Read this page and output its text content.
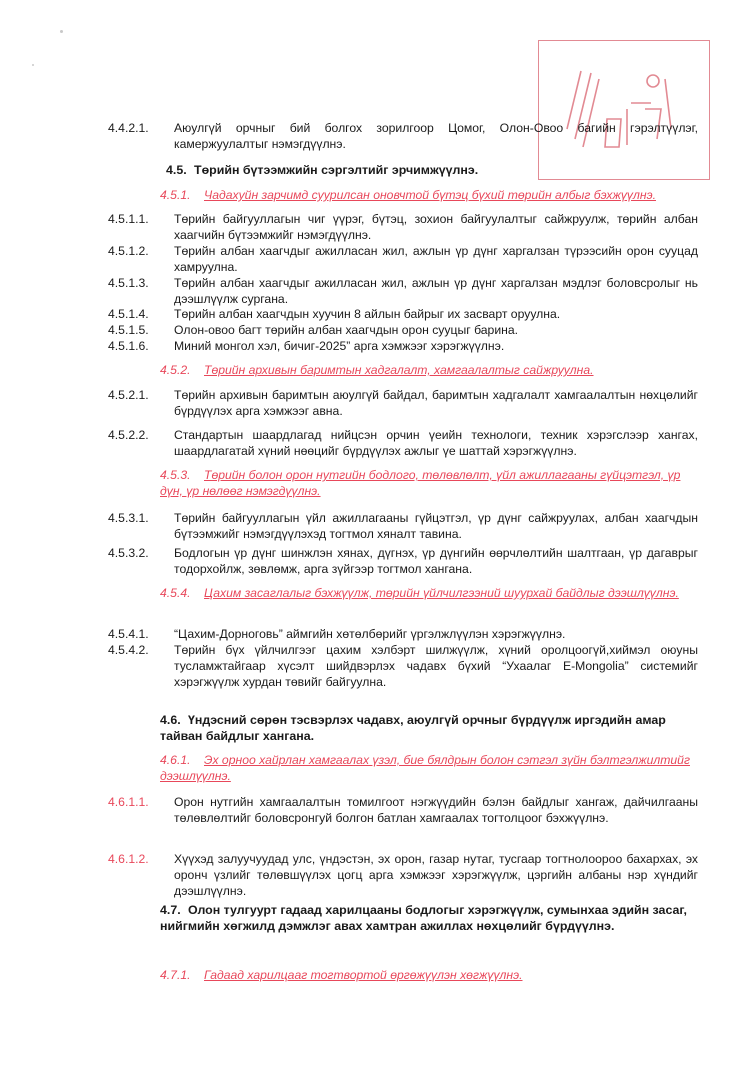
4.4.2.1.	Аюулгүй орчныг бий болгох зорилгоор Цомог, Олон-Овоо багийн гэрэлтүүлэг, камержуулалтыг нэмэгдүүлнэ.
4.5. Төрийн бүтээмжийн сэргэлтийг эрчимжүүлнэ.
4.5.1. Чадахуйн зарчимд суурилсан оновчтой бүтэц бүхий төрийн албыг бэхжүүлнэ.
4.5.1.1.	Төрийн байгууллагын чиг үүрэг, бүтэц, зохион байгуулалтыг сайжруулж, төрийн албан хаагчийн бүтээмжийг нэмэгдүүлнэ.
4.5.1.2.	Төрийн албан хаагчдыг ажилласан жил, ажлын үр дүнг харгалзан түрээсийн орон сууцад хамруулна.
4.5.1.3.	Төрийн албан хаагчдыг ажилласан жил, ажлын үр дүнг харгалзан мэдлэг боловсролыг нь дээшлүүлж сургана.
4.5.1.4.	Төрийн албан хаагчдын хуучин 8 айлын байрыг их засварт оруулна.
4.5.1.5.	Олон-овоо багт төрийн албан хаагчдын орон сууцыг барина.
4.5.1.6.	Миний монгол хэл, бичиг-2025” арга хэмжээг хэрэгжүүлнэ.
4.5.2. Төрийн архивын баримтын хадгалалт, хамгаалалтыг сайжруулна.
4.5.2.1.	Төрийн архивын баримтын аюулгүй байдал, баримтын хадгалалт хамгаалалтын нөхцөлийг бүрдүүлэх арга хэмжээг авна.
4.5.2.2.	Стандартын шаардлагад нийцсэн орчин үеийн технологи, техник хэрэгслээр хангах, шаардлагатай хүний нөөцийг бүрдүүлэх ажлыг үе шаттай хэрэгжүүлнэ.
4.5.3. Төрийн болон орон нутгийн бодлого, төлөвлөлт, үйл ажиллагааны гүйцэтгэл, үр дүн, үр нөлөөг нэмэгдүүлнэ.
4.5.3.1.	Төрийн байгууллагын үйл ажиллагааны гүйцэтгэл, үр дүнг сайжруулах, албан хаагчдын бүтээмжийг нэмэгдүүлэхэд тогтмол хяналт тавина.
4.5.3.2.	Бодлогын үр дүнг шинжлэн хянах, дүгнэх, үр дүнгийн өөрчлөлтийн шалтгаан, үр дагаврыг тодорхойлж, зөвлөмж, арга зүйгээр тогтмол хангана.
4.5.4. Цахим засаглалыг бэхжүүлж, төрийн үйлчилгээний шуурхай байдлыг дээшлүүлнэ.
4.5.4.1.	“Цахим-Дорноговь” аймгийн хөтөлбөрийг үргэлжлүүлэн хэрэгжүүлнэ.
4.5.4.2.	Төрийн бүх үйлчилгээг цахим хэлбэрт шилжүүлж, хүний оролцоогүй,хиймэл оюуны тусламжтайгаар хүсэлт шийдвэрлэх чадавх бүхий “Ухаалаг E-Mongolia” системийг хэрэгжүүлж хурдан төвийг байгуулна.
4.6. Үндэсний сөрөн тэсвэрлэх чадавх, аюулгүй орчныг бүрдүүлж иргэдийн амар тайван байдлыг хангана.
4.6.1. Эх орноо хайрлан хамгаалах үзэл, бие бялдрын болон сэтгэл зүйн бэлтгэлжилтийг дээшлүүлнэ.
4.6.1.1.	Орон нутгийн хамгаалалтын томилгоот нэгжүүдийн бэлэн байдлыг хангаж, дайчилгааны төлөвлөлтийг боловсронгуй болгон батлан хамгаалах тогтолцоог бэхжүүлнэ.
4.6.1.2.	Хүүхэд залуучуудад улс, үндэстэн, эх орон, газар нутаг, тусгаар тогтнолоороо бахархах, эх оронч үзлийг төлөвшүүлэх цогц арга хэмжээг хэрэгжүүлж, цэргийн албаны нэр хүндийг дээшлүүлнэ.
4.7. Олон тулгуурт гадаад харилцааны бодлогыг хэрэгжүүлж, сумынхаа эдийн засаг, нийгмийн хөгжилд дэмжлэг авах хамтран ажиллах нөхцөлийг бүрдүүлнэ.
4.7.1. Гадаад харилцааг тогтвортой өргөжүүлэн хөгжүүлнэ.
